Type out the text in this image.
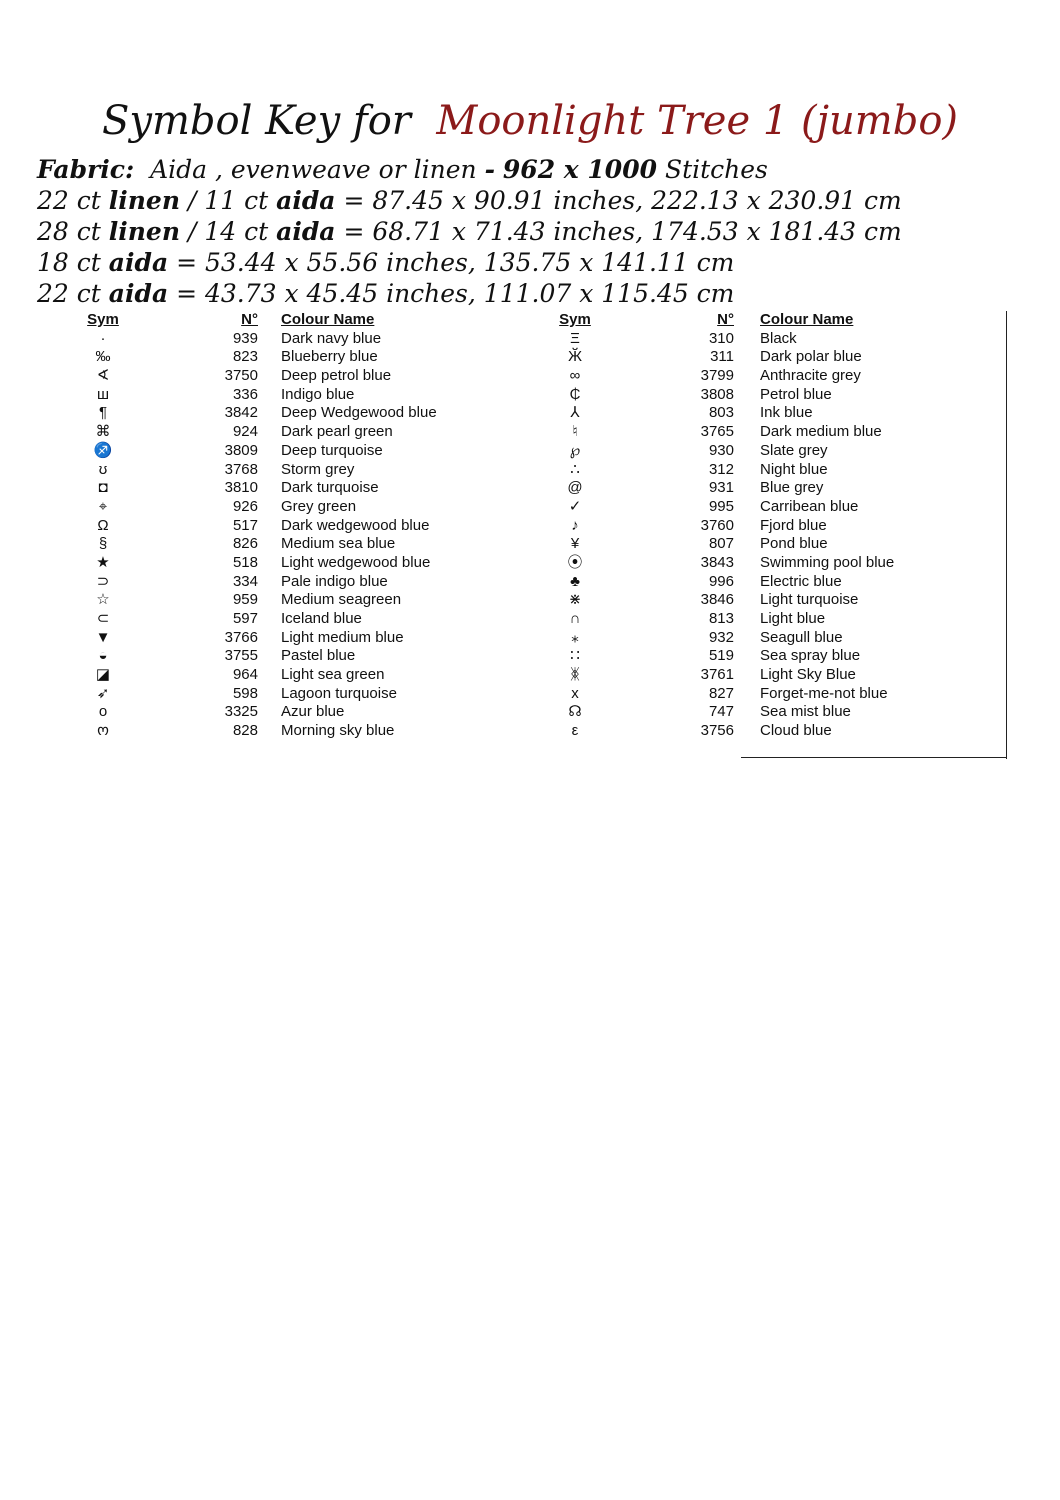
Symbol Key for Moonlight Tree 1 (jumbo)
Fabric: Aida , evenweave or linen - 962 x 1000 Stitches
22 ct linen / 11 ct aida = 87.45 x 90.91 inches, 222.13 x 230.91 cm
28 ct linen / 14 ct aida = 68.71 x 71.43 inches, 174.53 x 181.43 cm
18 ct aida = 53.44 x 55.56 inches, 135.75 x 141.11 cm
22 ct aida = 43.73 x 45.45 inches, 111.07 x 115.45 cm
Sym	N° Colour Name
·	939 Dark navy blue
‰	823 Blueberry blue
∢	3750 Deep petrol blue
ш	336 Indigo blue
¶	3842 Deep Wedgewood blue
⌘	924 Dark pearl green
♐	3809 Deep turquoise
ʊ	3768 Storm grey
◘	3810 Dark turquoise
⌖	926 Grey green
Ω	517 Dark wedgewood blue
§	826 Medium sea blue
★	518 Light wedgewood blue
⊃	334 Pale indigo blue
☆	959 Medium seagreen
⊂	597 Iceland blue
▼	3766 Light medium blue
◒	3755 Pastel blue
◪	964 Light sea green
➶	598 Lagoon turquoise
o	3325 Azur blue
ო	828 Morning sky blue
Sym	N° Colour Name
Ξ	310 Black
Ӂ	311 Dark polar blue
∞	3799 Anthracite grey
₵	3808 Petrol blue
⅄	803 Ink blue
♮	3765 Dark medium blue
℘	930 Slate grey
∴	312 Night blue
@	931 Blue grey
✓	995 Carribean blue
♪	3760 Fjord blue
¥	807 Pond blue
⦿	3843 Swimming pool blue
♣	996 Electric blue
⋇	3846 Light turquoise
∩	813 Light blue
⁎	932 Seagull blue
∷	519 Sea spray blue
ᛤ	3761 Light Sky Blue
x	827 Forget-me-not blue
☊	747 Sea mist blue
ε	3756 Cloud blue
